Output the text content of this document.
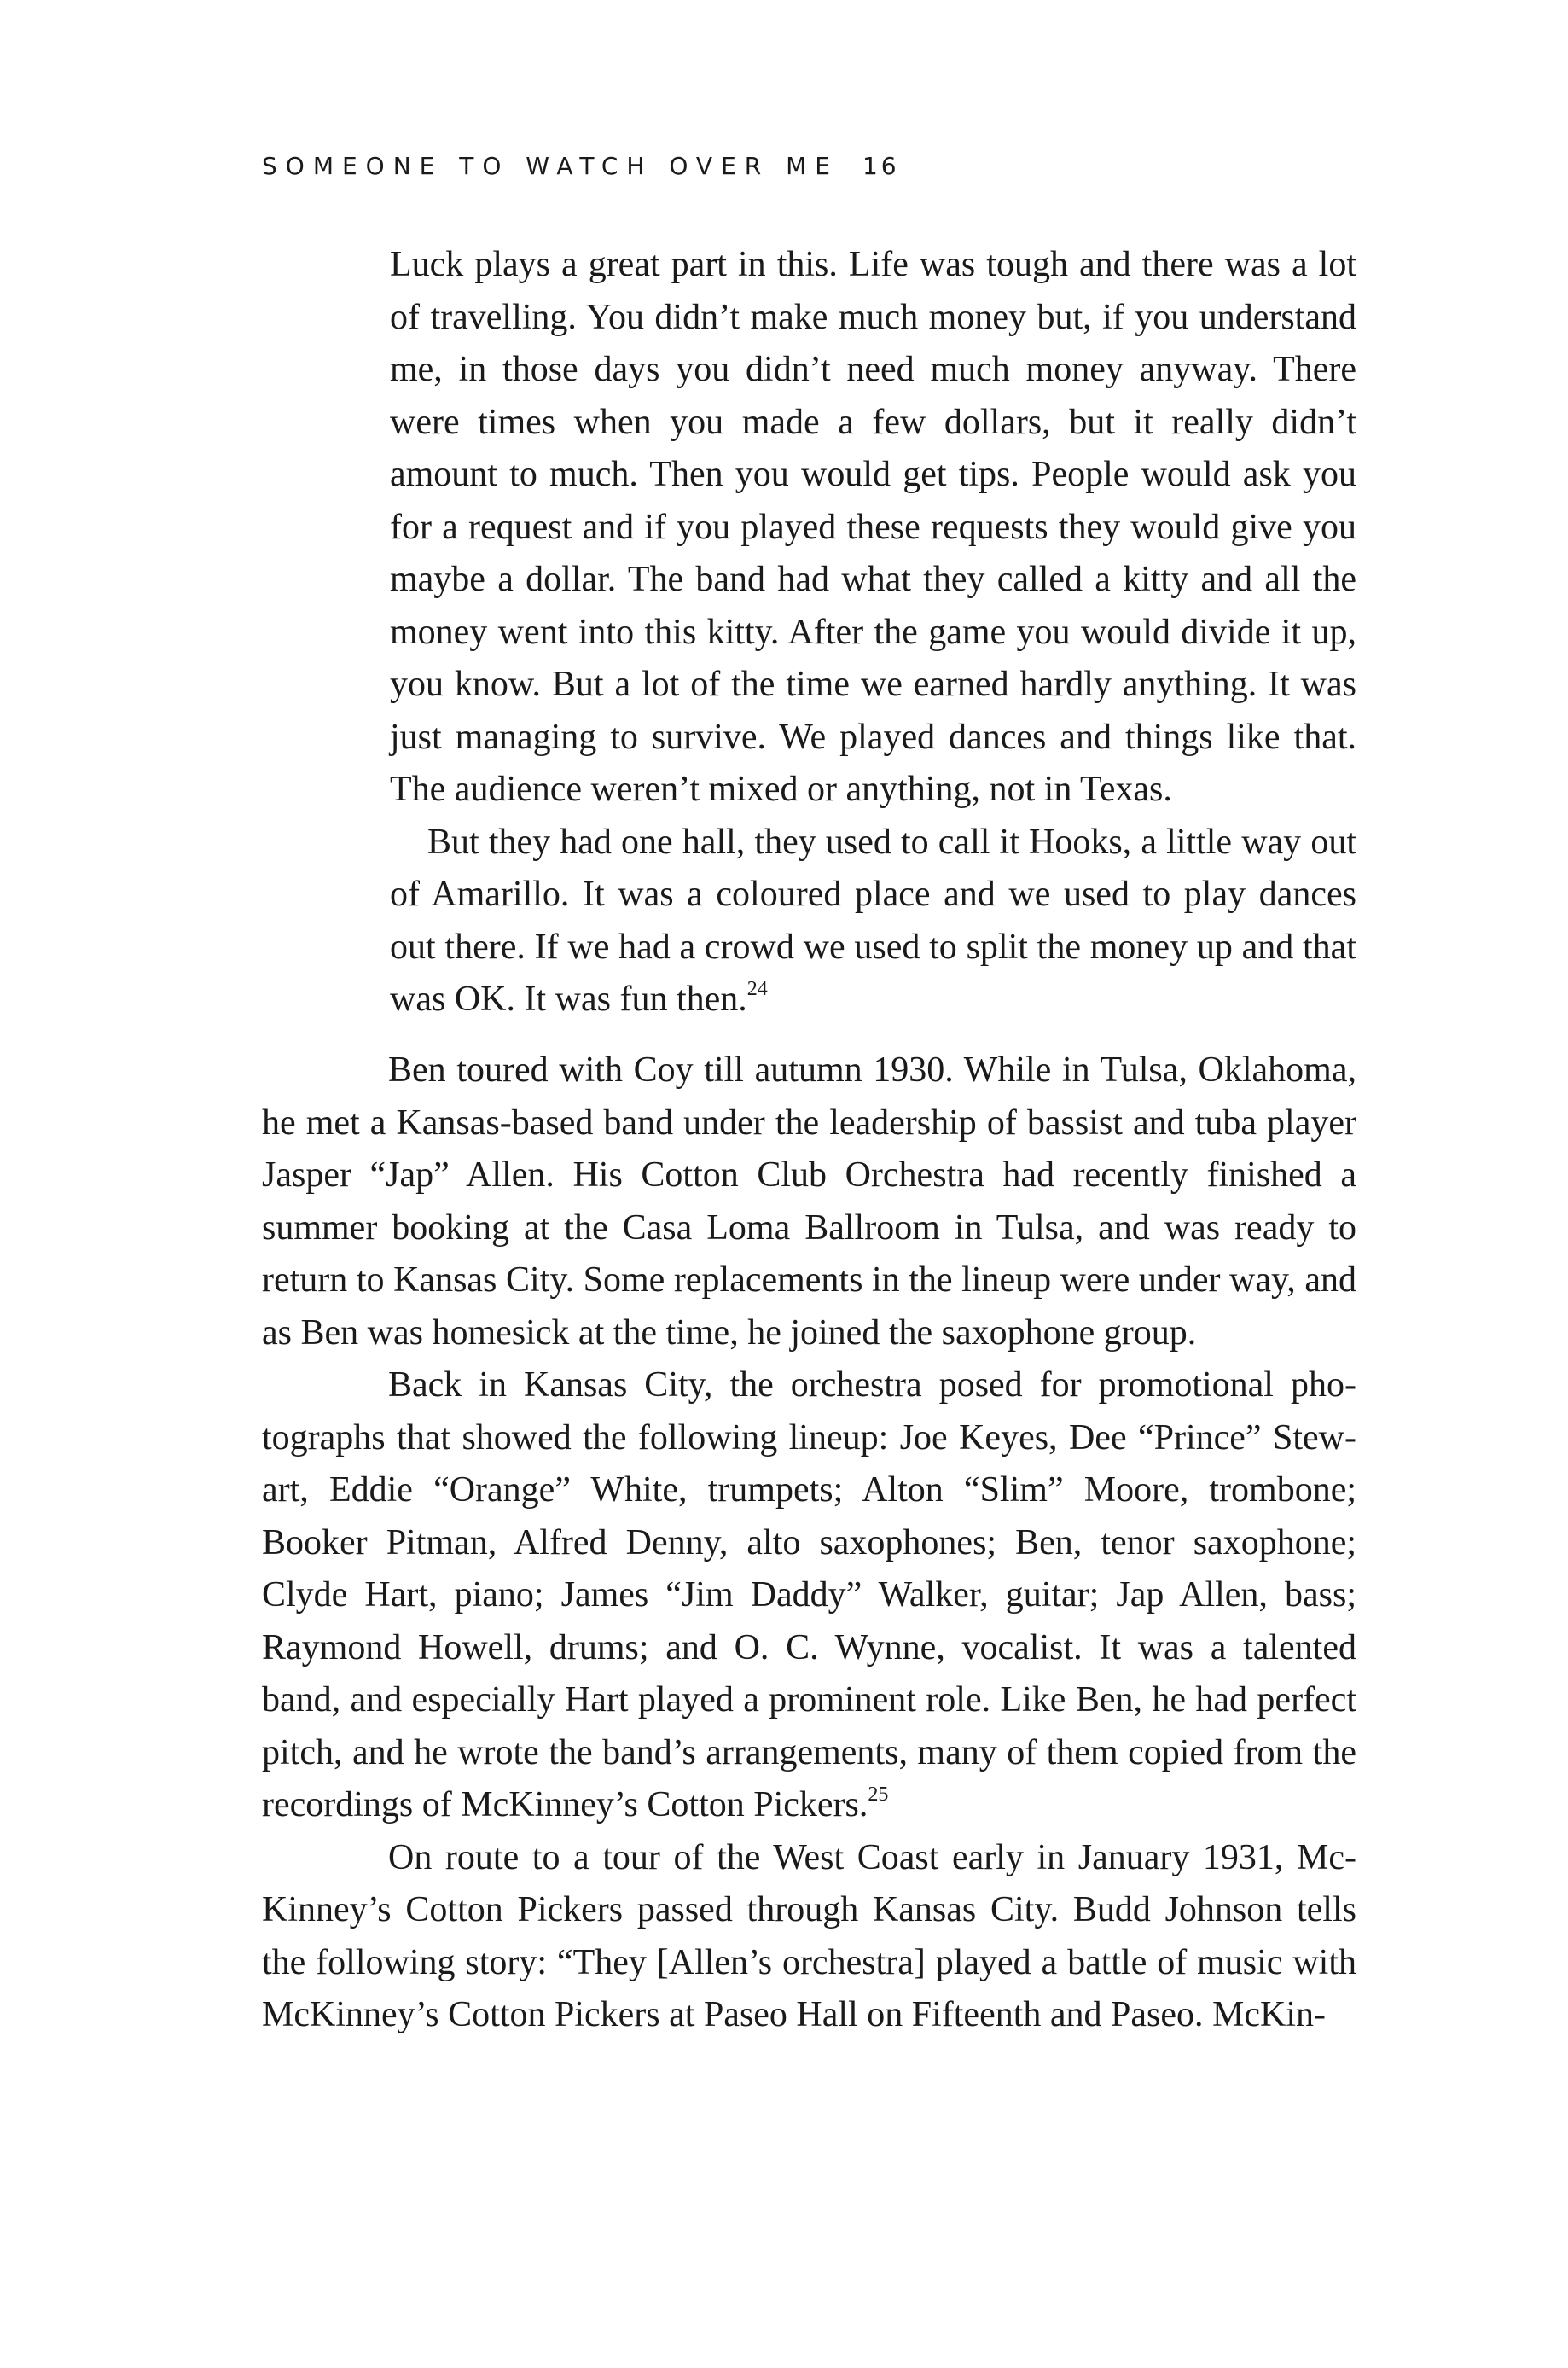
SOMEONE TO WATCH OVER ME 16

Luck plays a great part in this. Life was tough and there was a lot of travelling. You didn’t make much money but, if you understand me, in those days you didn’t need much money anyway. There were times when you made a few dollars, but it really didn’t amount to much. Then you would get tips. People would ask you for a request and if you played these requests they would give you maybe a dollar. The band had what they called a kitty and all the money went into this kitty. After the game you would divide it up, you know. But a lot of the time we earned hardly anything. It was just managing to survive. We played dances and things like that. The audience weren’t mixed or anything, not in Texas.

But they had one hall, they used to call it Hooks, a little way out of Amarillo. It was a coloured place and we used to play dances out there. If we had a crowd we used to split the money up and that was OK. It was fun then.$^{24}$

Ben toured with Coy till autumn 1930. While in Tulsa, Oklahoma, he met a Kansas-based band under the leadership of bassist and tuba player Jasper “Jap” Allen. His Cotton Club Orchestra had recently finished a summer booking at the Casa Loma Ballroom in Tulsa, and was ready to return to Kansas City. Some replacements in the lineup were under way, and as Ben was homesick at the time, he joined the saxophone group.

Back in Kansas City, the orchestra posed for promotional photographs that showed the following lineup: Joe Keyes, Dee “Prince” Stewart, Eddie “Orange” White, trumpets; Alton “Slim” Moore, trombone; Booker Pitman, Alfred Denny, alto saxophones; Ben, tenor saxophone; Clyde Hart, piano; James “Jim Daddy” Walker, guitar; Jap Allen, bass; Raymond Howell, drums; and O. C. Wynne, vocalist. It was a talented band, and especially Hart played a prominent role. Like Ben, he had perfect pitch, and he wrote the band’s arrangements, many of them copied from the recordings of McKinney’s Cotton Pickers.$^{25}$

On route to a tour of the West Coast early in January 1931, McKinney’s Cotton Pickers passed through Kansas City. Budd Johnson tells the following story: “They [Allen’s orchestra] played a battle of music with McKinney’s Cotton Pickers at Paseo Hall on Fifteenth and Paseo. McKin-
